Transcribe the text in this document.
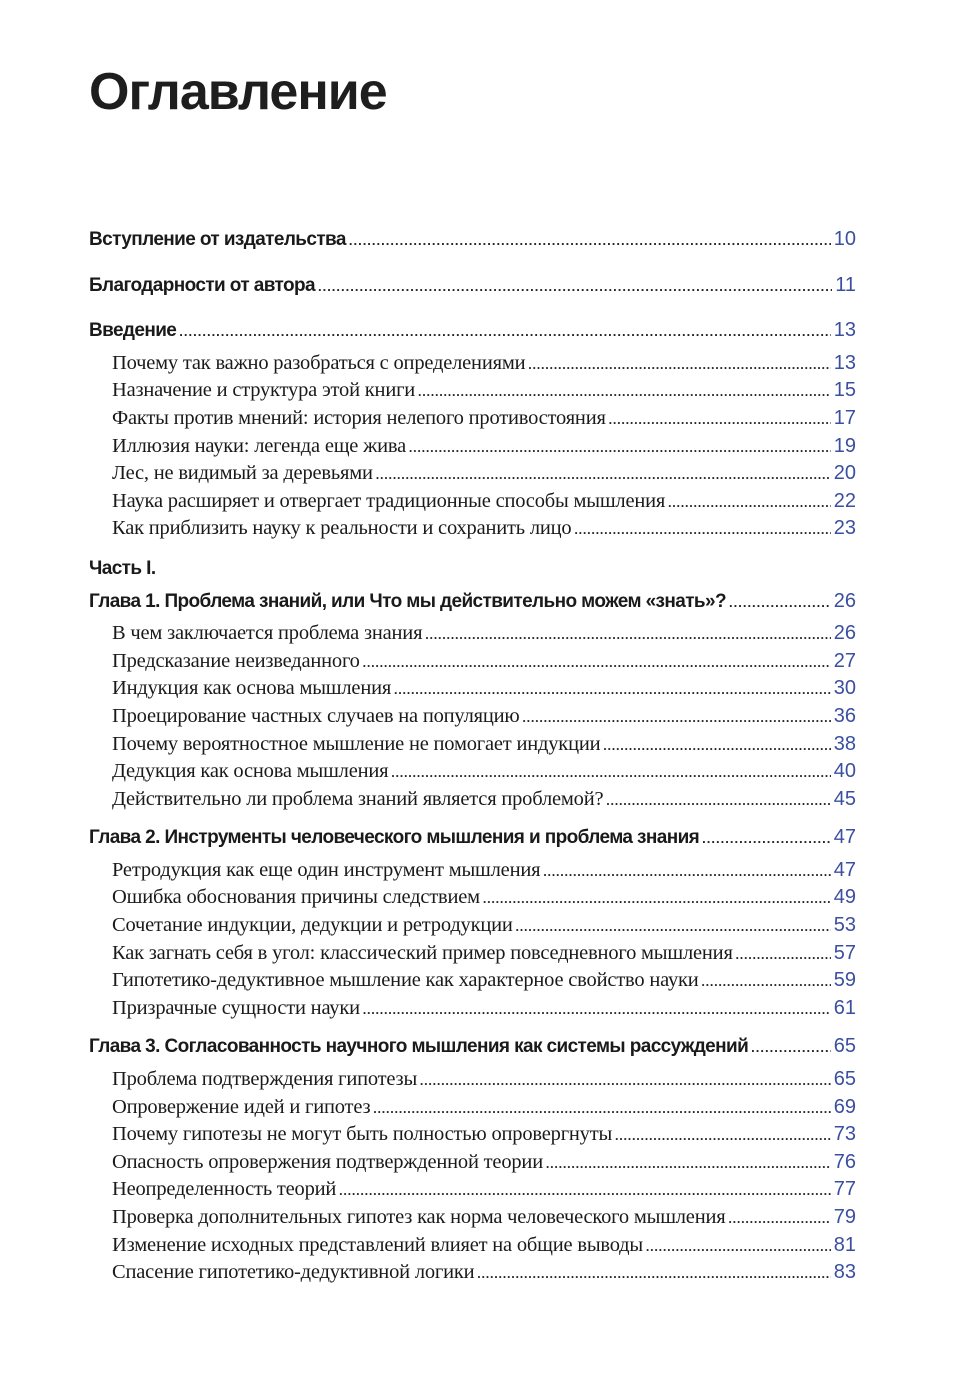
Оглавление
Вступление от издательства .....	10
Благодарности от автора .....	11
Введение .....	13
Почему так важно разобраться с определениями .....	13
Назначение и структура этой книги .....	15
Факты против мнений: история нелепого противостояния .....	17
Иллюзия науки: легенда еще жива .....	19
Лес, не видимый за деревьями .....	20
Наука расширяет и отвергает традиционные способы мышления .....	22
Как приблизить науку к реальности и сохранить лицо .....	23
Часть I.
Глава 1. Проблема знаний, или Что мы действительно можем «знать»? .....	26
В чем заключается проблема знания .....	26
Предсказание неизведанного .....	27
Индукция как основа мышления .....	30
Проецирование частных случаев на популяцию .....	36
Почему вероятностное мышление не помогает индукции .....	38
Дедукция как основа мышления .....	40
Действительно ли проблема знаний является проблемой? .....	45
Глава 2. Инструменты человеческого мышления и проблема знания .....	47
Ретродукция как еще один инструмент мышления .....	47
Ошибка обоснования причины следствием .....	49
Сочетание индукции, дедукции и ретродукции .....	53
Как загнать себя в угол: классический пример повседневного мышления .....	57
Гипотетико-дедуктивное мышление как характерное свойство науки .....	59
Призрачные сущности науки .....	61
Глава 3. Согласованность научного мышления как системы рассуждений .....	65
Проблема подтверждения гипотезы .....	65
Опровержение идей и гипотез .....	69
Почему гипотезы не могут быть полностью опровергнуты .....	73
Опасность опровержения подтвержденной теории .....	76
Неопределенность теорий .....	77
Проверка дополнительных гипотез как норма человеческого мышления .....	79
Изменение исходных представлений влияет на общие выводы .....	81
Спасение гипотетико-дедуктивной логики .....	83
